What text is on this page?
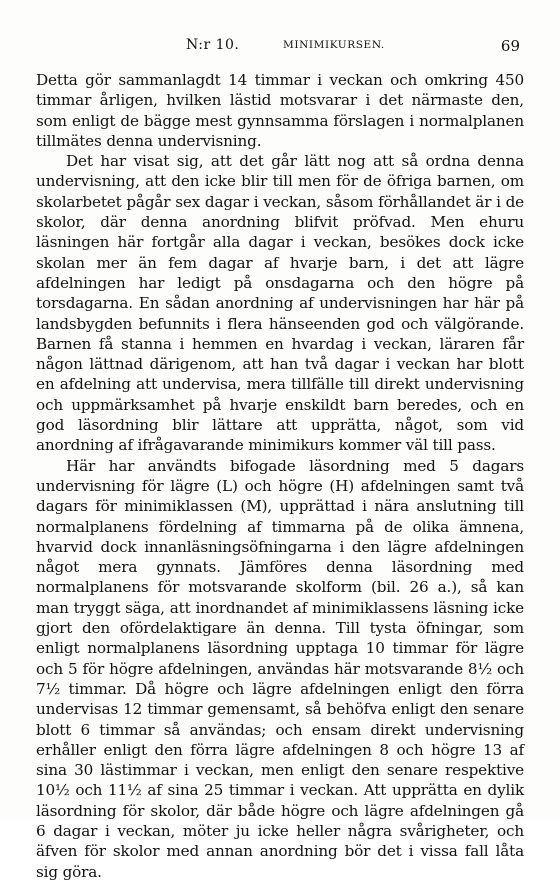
N:r 10.	MINIMIKURSEN.	69

Detta gör sammanlagdt 14 timmar i veckan och omkring 450 timmar årligen, hvilken lästid motsvarar i det närmaste den, som enligt de bägge mest gynnsamma förslagen i normalplanen tillmätes denna undervisning.

Det har visat sig, att det går lätt nog att så ordna denna undervisning, att den icke blir till men för de öfriga barnen, om skolarbetet pågår sex dagar i veckan, såsom förhållandet är i de skolor, där denna anordning blifvit pröfvad. Men ehuru läsningen här fortgår alla dagar i veckan, besökes dock icke skolan mer än fem dagar af hvarje barn, i det att lägre afdelningen har ledigt på onsdagarna och den högre på torsdagarna. En sådan anordning af undervisningen har här på landsbygden befunnits i flera hänseenden god och välgörande. Barnen få stanna i hemmen en hvardag i veckan, läraren får någon lättnad därigenom, att han två dagar i veckan har blott en afdelning att undervisa, mera tillfälle till direkt undervisning och uppmärksamhet på hvarje enskildt barn beredes, och en god läsordning blir lättare att upprätta, något, som vid anordning af ifrågavarande minimikurs kommer väl till pass.

Här har användts bifogade läsordning med 5 dagars undervisning för lägre (L) och högre (H) afdelningen samt två dagars för minimiklassen (M), upprättad i nära anslutning till normalplanens fördelning af timmarna på de olika ämnena, hvarvid dock innanläsningsöfningarna i den lägre afdelningen något mera gynnats. Jämföres denna läsordning med normalplanens för motsvarande skolform (bil. 26 a.), så kan man tryggt säga, att inordnandet af minimiklassens läsning icke gjort den ofördelaktigare än denna. Till tysta öfningar, som enligt normalplanens läsordning upptaga 10 timmar för lägre och 5 för högre afdelningen, användas här motsvarande 8½ och 7½ timmar. Då högre och lägre afdelningen enligt den förra undervisas 12 timmar gemensamt, så behöfva enligt den senare blott 6 timmar så användas; och ensam direkt undervisning erhåller enligt den förra lägre afdelningen 8 och högre 13 af sina 30 lästimmar i veckan, men enligt den senare respektive 10½ och 11½ af sina 25 timmar i veckan. Att upprätta en dylik läsordning för skolor, där både högre och lägre afdelningen gå 6 dagar i veckan, möter ju icke heller några svårigheter, och äfven för skolor med annan anordning bör det i vissa fall låta sig göra.
